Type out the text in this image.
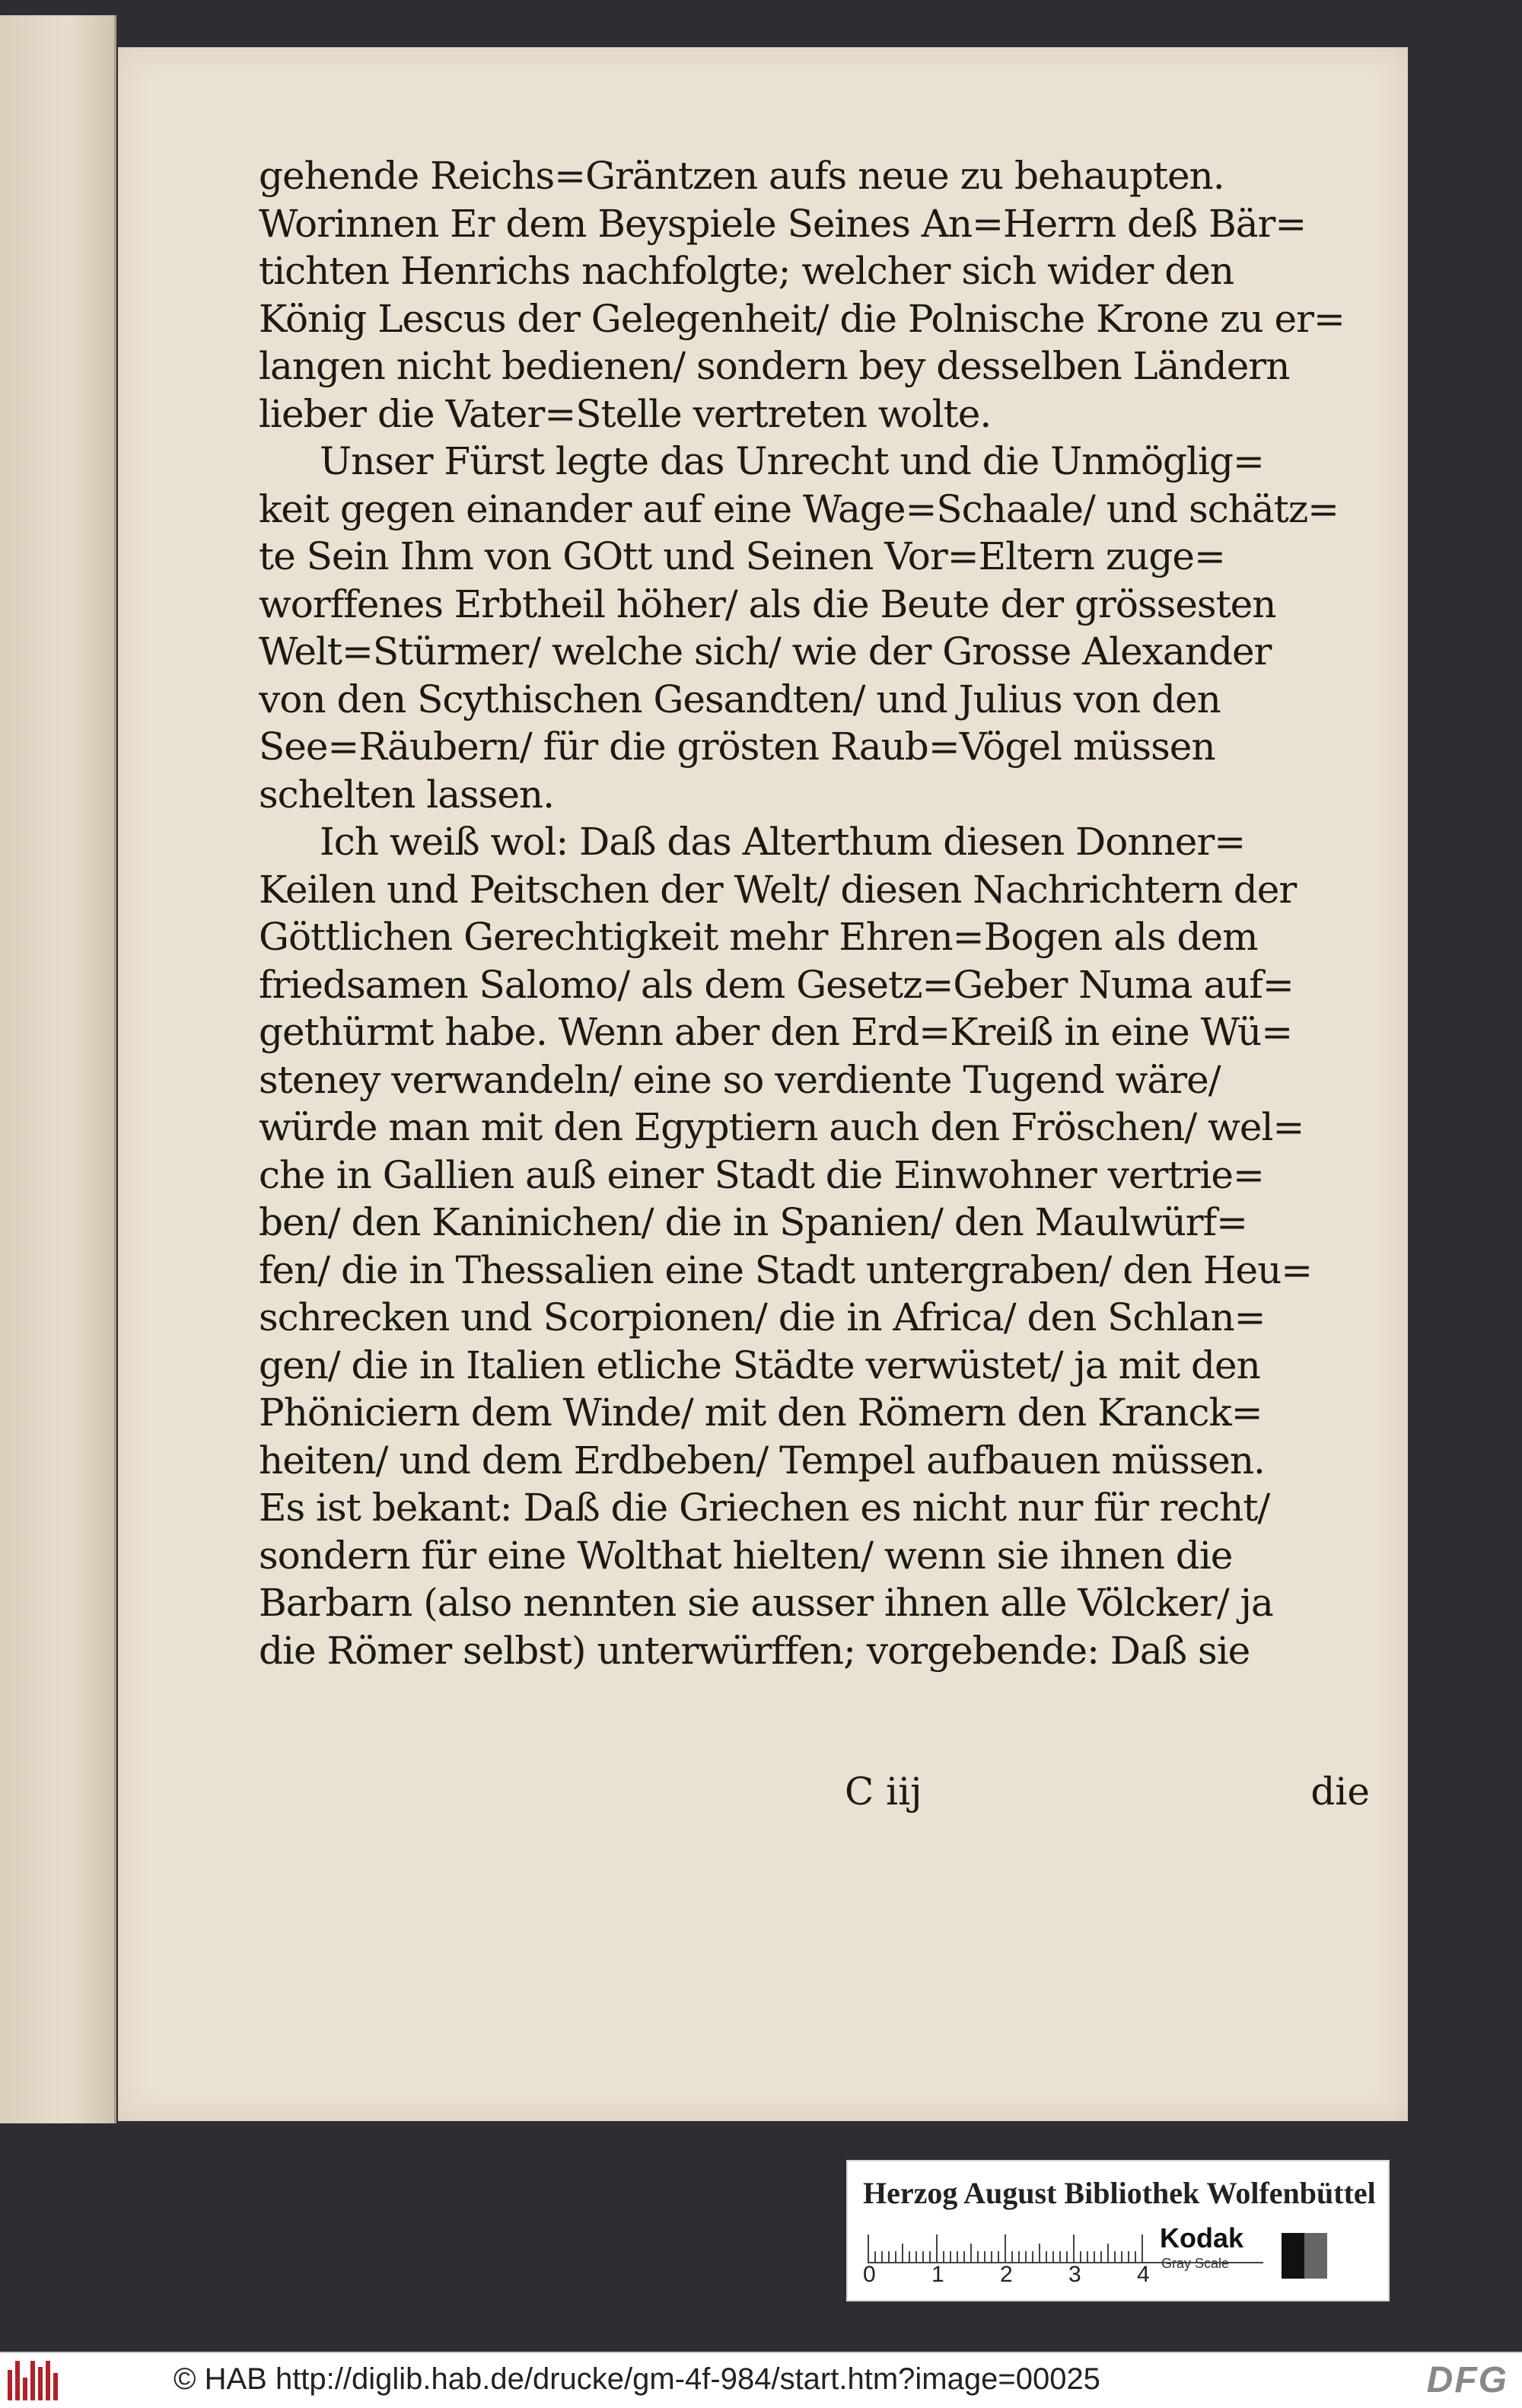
gehende Reichs=Gräntzen aufs neue zu behaupten.
Worinnen Er dem Beyspiele Seines An=Herrn deß Bär=
tichten Henrichs nachfolgte; welcher sich wider den
König Lescus der Gelegenheit/ die Polnische Krone zu er=
langen nicht bedienen/ sondern bey desselben Ländern
lieber die Vater=Stelle vertreten wolte.
Unser Fürst legte das Unrecht und die Unmöglig=
keit gegen einander auf eine Wage=Schaale/ und schätz=
te Sein Ihm von GOtt und Seinen Vor=Eltern zuge=
worffenes Erbtheil höher/ als die Beute der grössesten
Welt=Stürmer/ welche sich/ wie der Grosse Alexander
von den Scythischen Gesandten/ und Julius von den
See=Räubern/ für die grösten Raub=Vögel müssen
schelten lassen.
Ich weiß wol: Daß das Alterthum diesen Donner=
Keilen und Peitschen der Welt/ diesen Nachrichtern der
Göttlichen Gerechtigkeit mehr Ehren=Bogen als dem
friedsamen Salomo/ als dem Gesetz=Geber Numa auf=
gethürmt habe. Wenn aber den Erd=Kreiß in eine Wü=
steney verwandeln/ eine so verdiente Tugend wäre/
würde man mit den Egyptiern auch den Fröschen/ wel=
che in Gallien auß einer Stadt die Einwohner vertrie=
ben/ den Kaninichen/ die in Spanien/ den Maulwürf=
fen/ die in Thessalien eine Stadt untergraben/ den Heu=
schrecken und Scorpionen/ die in Africa/ den Schlan=
gen/ die in Italien etliche Städte verwüstet/ ja mit den
Phöniciern dem Winde/ mit den Römern den Kranck=
heiten/ und dem Erdbeben/ Tempel aufbauen müssen.
Es ist bekant: Daß die Griechen es nicht nur für recht/
sondern für eine Wolthat hielten/ wenn sie ihnen die
Barbarn (also nennten sie ausser ihnen alle Völcker/ ja
die Römer selbst) unterwürffen; vorgebende: Daß sie
C iij	die
Herzog August Bibliothek Wolfenbüttel
0 1 2 3 4
Kodak
Gray Scale
© HAB http://diglib.hab.de/drucke/gm-4f-984/start.htm?image=00025	DFG
